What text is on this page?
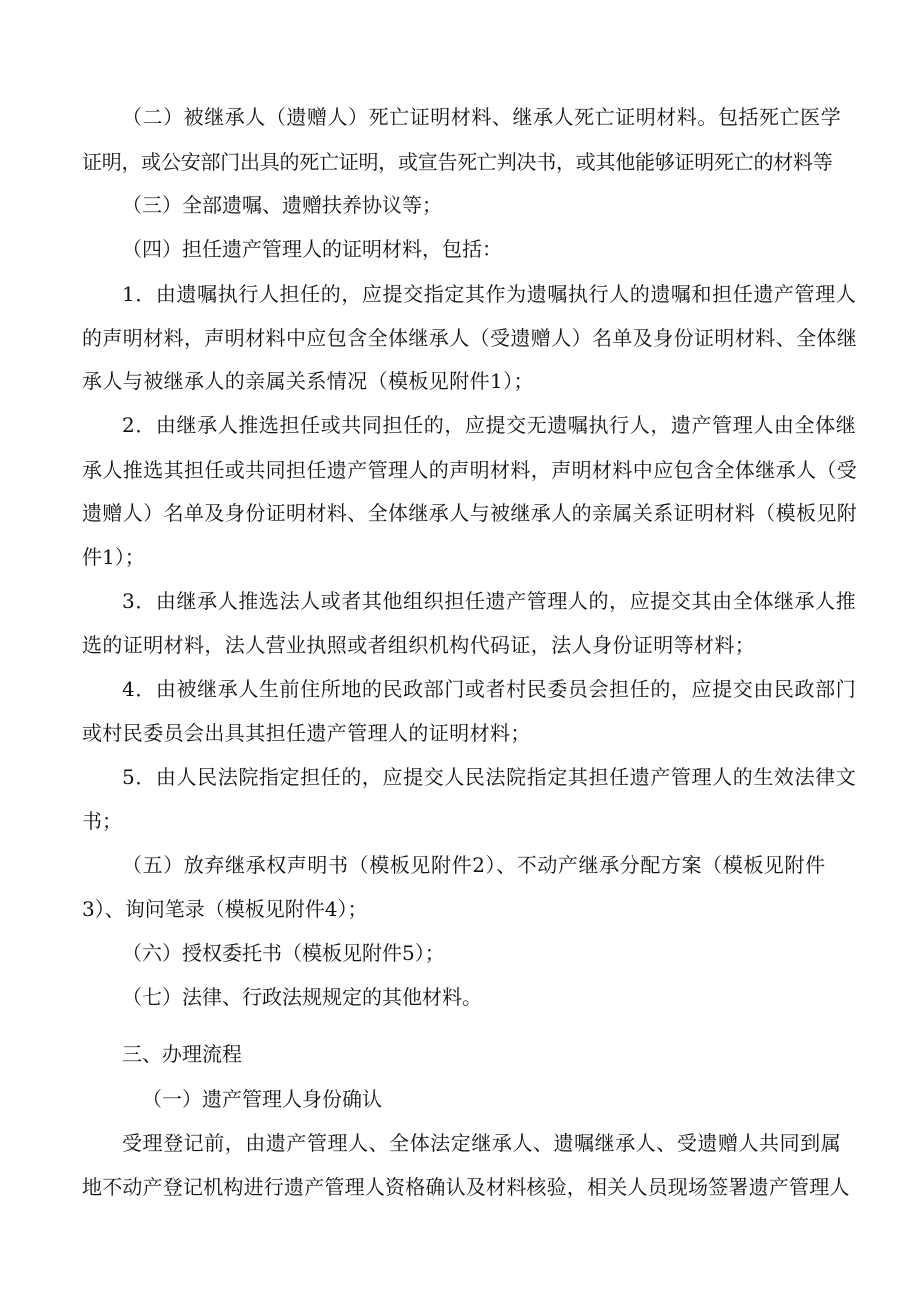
（二）被继承人（遗赠人）死亡证明材料、继承人死亡证明材料。包括死亡医学
证明，或公安部门出具的死亡证明，或宣告死亡判决书，或其他能够证明死亡的材料等
（三）全部遗嘱、遗赠扶养协议等；
（四）担任遗产管理人的证明材料，包括：
1．由遗嘱执行人担任的，应提交指定其作为遗嘱执行人的遗嘱和担任遗产管理人
的声明材料，声明材料中应包含全体继承人（受遗赠人）名单及身份证明材料、全体继
承人与被继承人的亲属关系情况（模板见附件1）；
2．由继承人推选担任或共同担任的，应提交无遗嘱执行人，遗产管理人由全体继
承人推选其担任或共同担任遗产管理人的声明材料，声明材料中应包含全体继承人（受
遗赠人）名单及身份证明材料、全体继承人与被继承人的亲属关系证明材料（模板见附
件1）；
3．由继承人推选法人或者其他组织担任遗产管理人的，应提交其由全体继承人推
选的证明材料，法人营业执照或者组织机构代码证，法人身份证明等材料；
4．由被继承人生前住所地的民政部门或者村民委员会担任的，应提交由民政部门
或村民委员会出具其担任遗产管理人的证明材料；
5．由人民法院指定担任的，应提交人民法院指定其担任遗产管理人的生效法律文
书；
（五）放弃继承权声明书（模板见附件2）、不动产继承分配方案（模板见附件
3）、询问笔录（模板见附件4）；
（六）授权委托书（模板见附件5）；
（七）法律、行政法规规定的其他材料。
三、办理流程
（一）遗产管理人身份确认
受理登记前，由遗产管理人、全体法定继承人、遗嘱继承人、受遗赠人共同到属
地不动产登记机构进行遗产管理人资格确认及材料核验，相关人员现场签署遗产管理人
